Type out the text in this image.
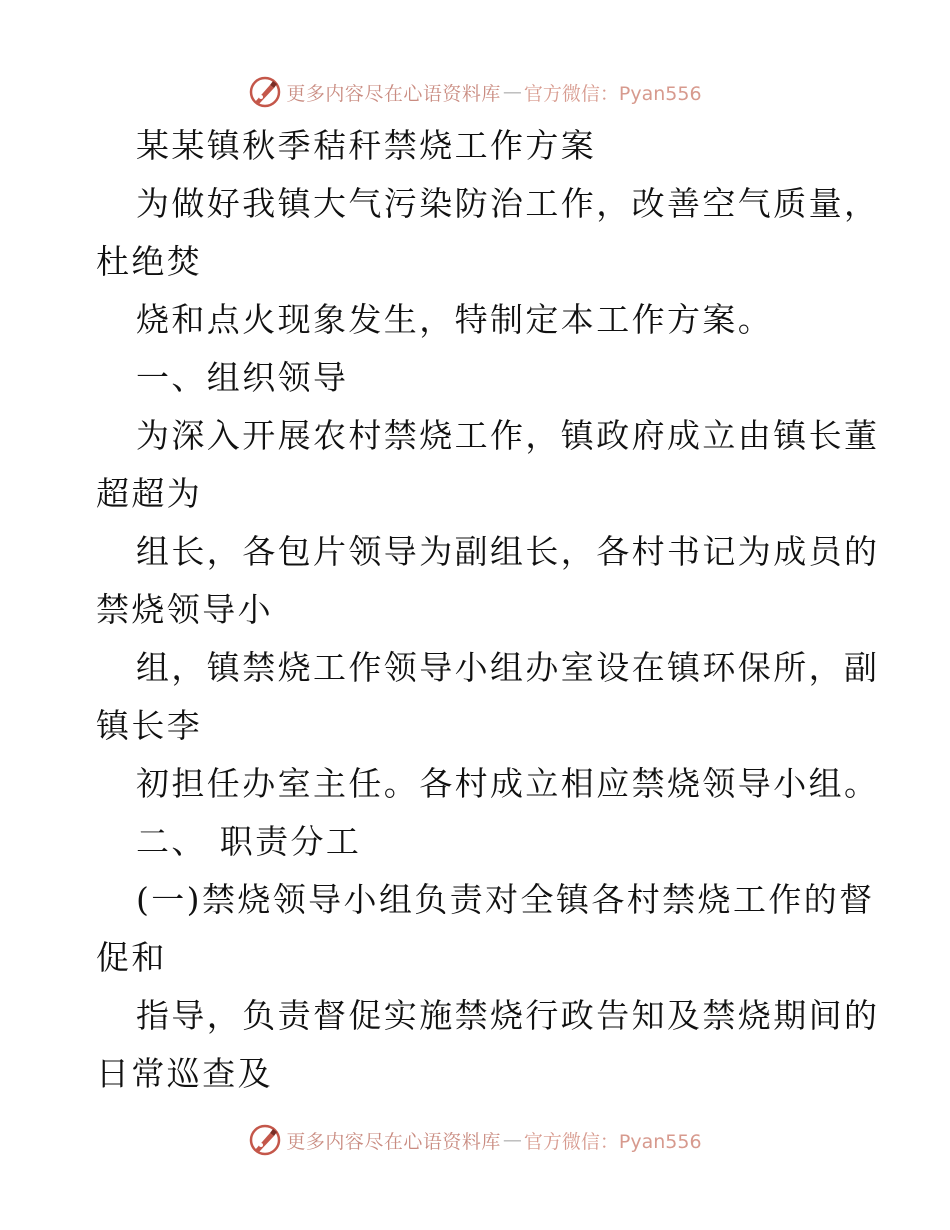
更多内容尽在心语资料库 — 官方微信：Pyan556
某某镇秋季秸秆禁烧工作方案
为做好我镇大气污染防治工作，改善空气质量，
杜绝焚
烧和点火现象发生，特制定本工作方案。
一、组织领导
为深入开展农村禁烧工作，镇政府成立由镇长董
超超为
组长，各包片领导为副组长，各村书记为成员的
禁烧领导小
组，镇禁烧工作领导小组办室设在镇环保所，副
镇长李
初担任办室主任。各村成立相应禁烧领导小组。
二、 职责分工
(一)禁烧领导小组负责对全镇各村禁烧工作的督
促和
指导，负责督促实施禁烧行政告知及禁烧期间的
日常巡查及
更多内容尽在心语资料库 — 官方微信：Pyan556
